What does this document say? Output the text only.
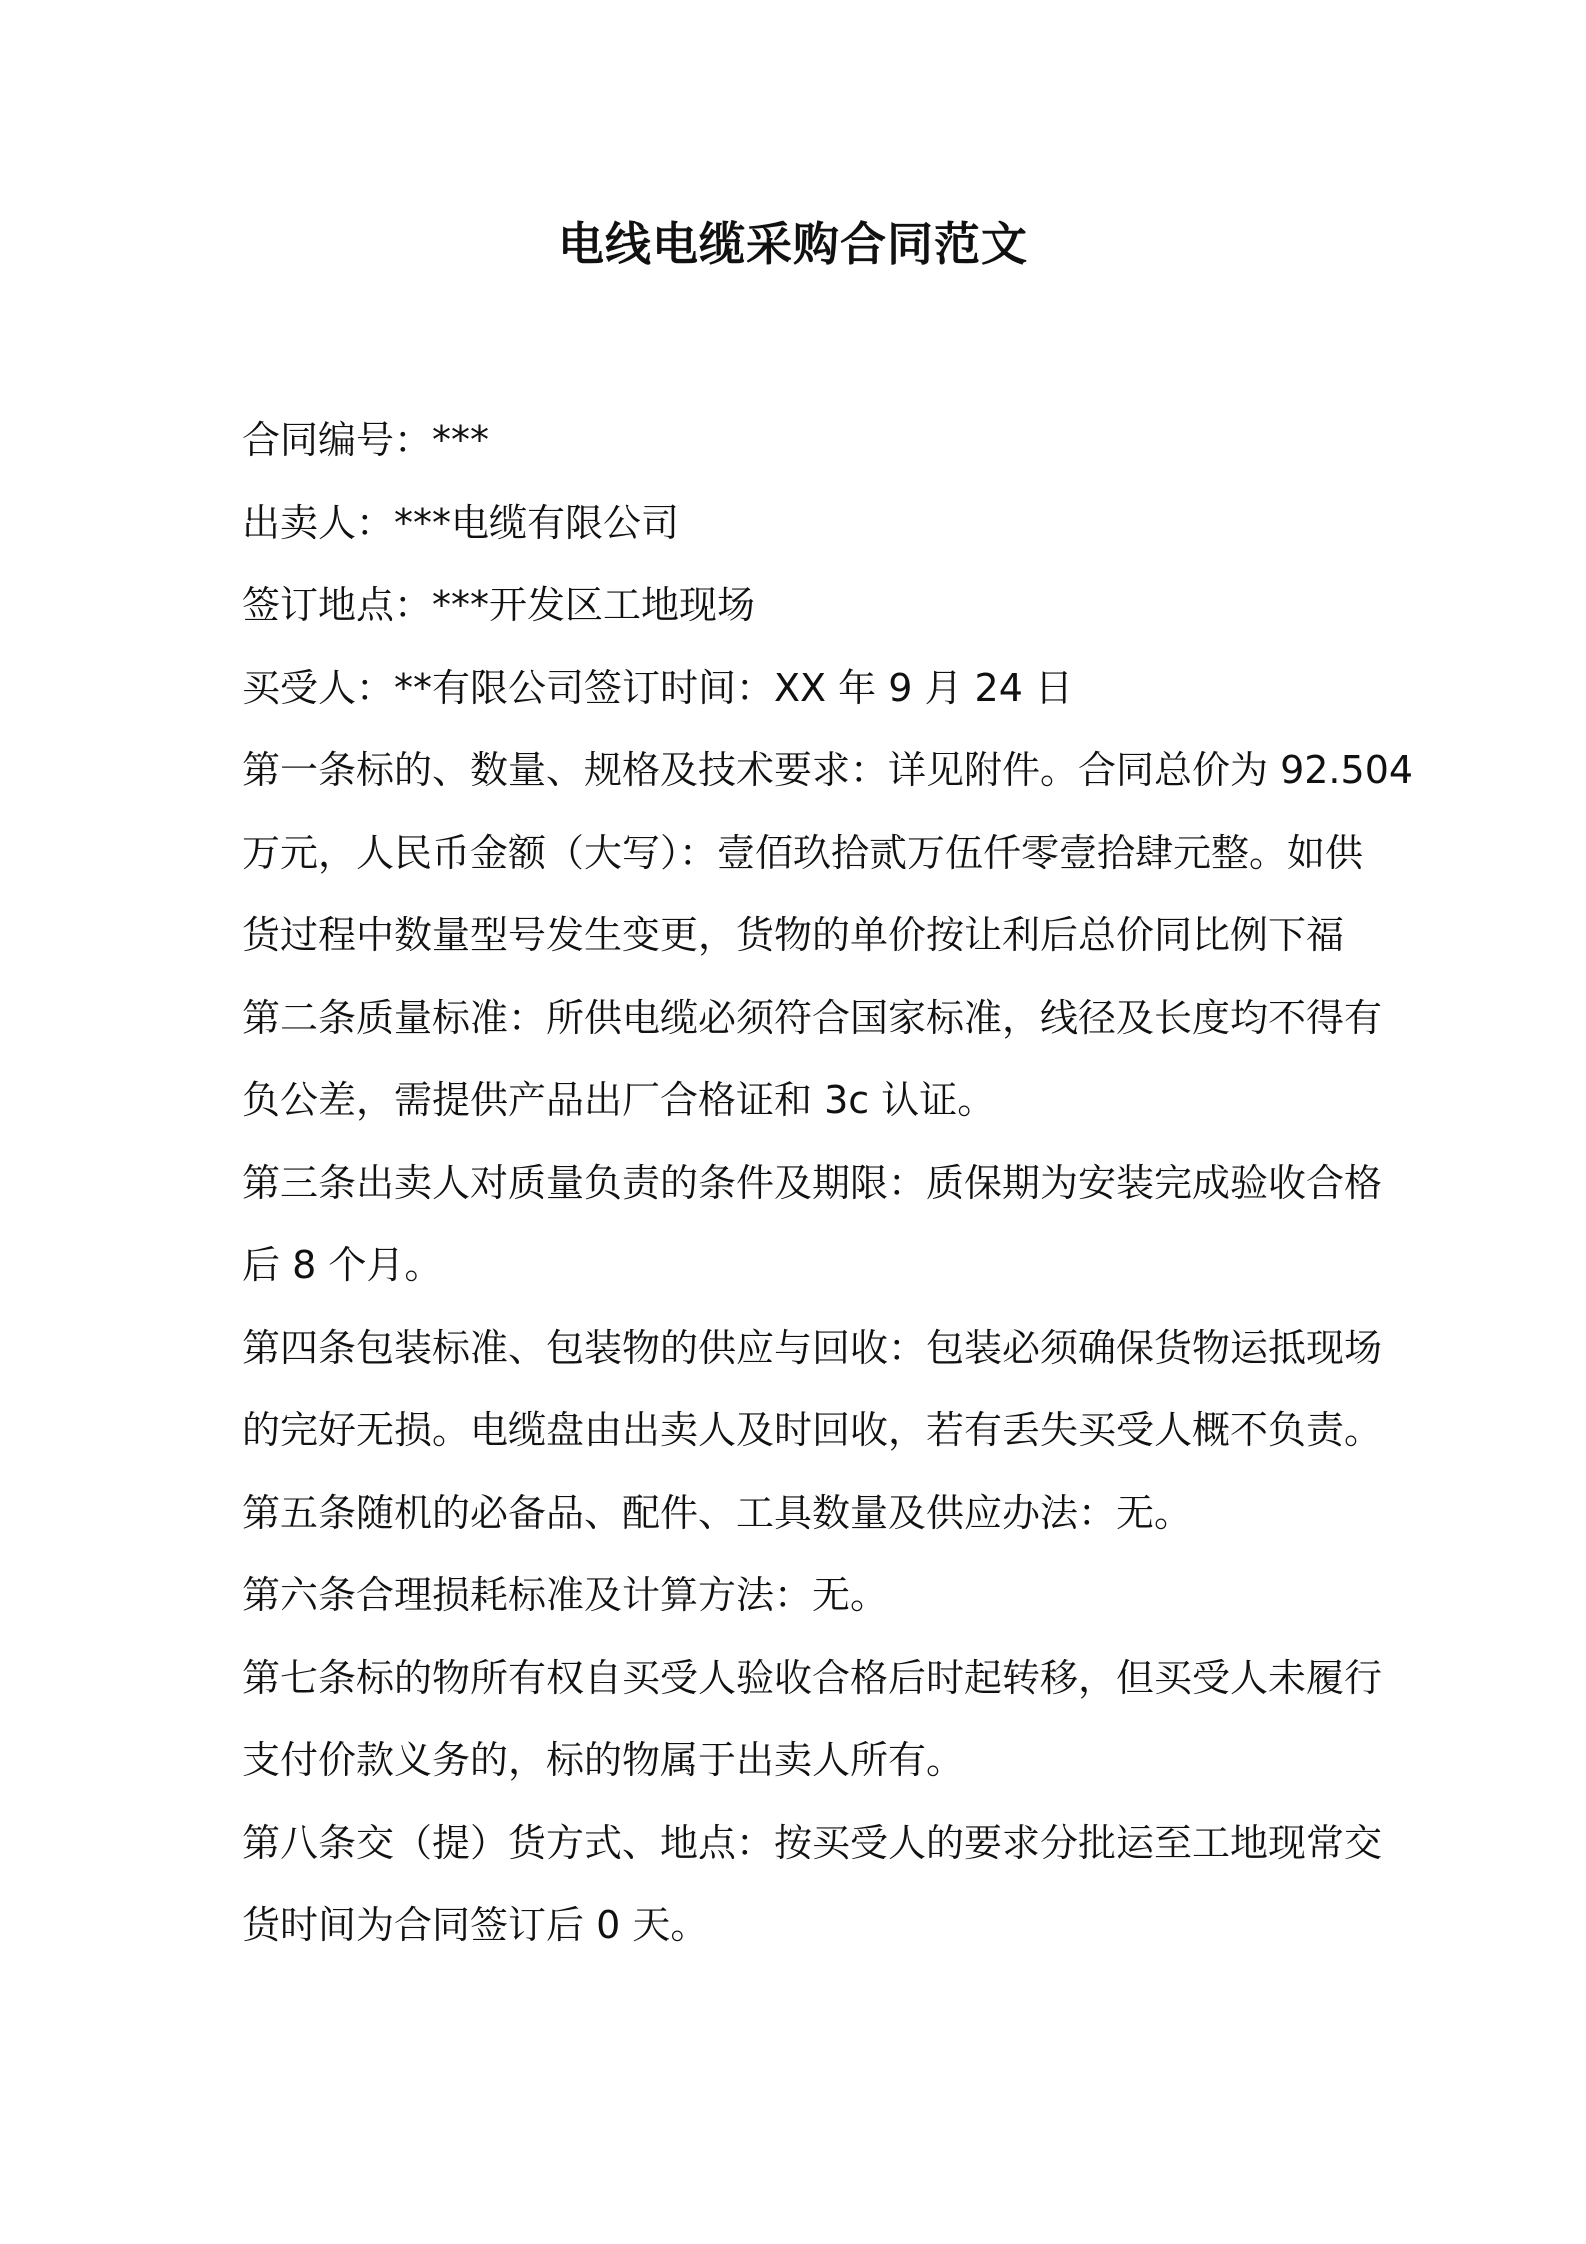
电线电缆采购合同范文

合同编号：***

出卖人：***电缆有限公司

签订地点：***开发区工地现场

买受人：**有限公司签订时间：XX 年 9 月 24 日

第一条标的、数量、规格及技术要求：详见附件。合同总价为 92.504

万元，人民币金额（大写）：壹佰玖拾贰万伍仟零壹拾肆元整。如供

货过程中数量型号发生变更，货物的单价按让利后总价同比例下福

第二条质量标准：所供电缆必须符合国家标准，线径及长度均不得有

负公差，需提供产品出厂合格证和 3c 认证。

第三条出卖人对质量负责的条件及期限：质保期为安装完成验收合格

后 8 个月。

第四条包装标准、包装物的供应与回收：包装必须确保货物运抵现场

的完好无损。电缆盘由出卖人及时回收，若有丢失买受人概不负责。

第五条随机的必备品、配件、工具数量及供应办法：无。

第六条合理损耗标准及计算方法：无。

第七条标的物所有权自买受人验收合格后时起转移，但买受人未履行

支付价款义务的，标的物属于出卖人所有。

第八条交（提）货方式、地点：按买受人的要求分批运至工地现常交

货时间为合同签订后 0 天。
